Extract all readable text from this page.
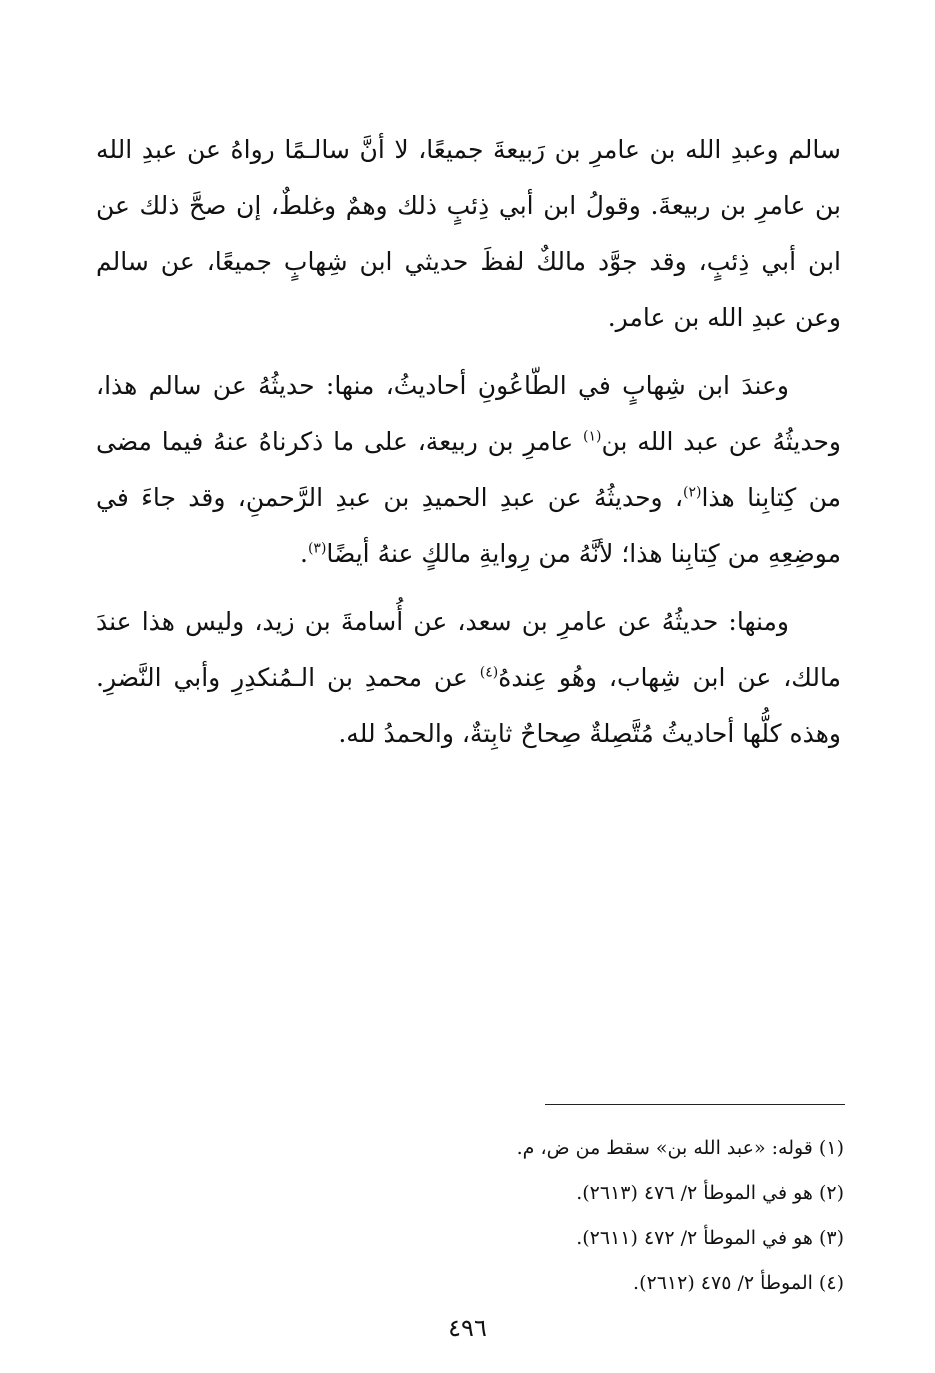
سالم وعبدِ الله بن عامرِ بن رَبيعةَ جميعًا، لا أنَّ سالـمًا رواهُ عن عبدِ الله بن عامرِ بن ربيعةَ. وقولُ ابن أبي ذِئبٍ ذلك وهمٌ وغلطٌ، إن صحَّ ذلك عن ابن أبي ذِئبٍ، وقد جوَّد مالكٌ لفظَ حديثي ابن شِهابٍ جميعًا، عن سالم وعن عبدِ الله بن عامر.

وعندَ ابن شِهابٍ في الطّاعُونِ أحاديثُ، منها: حديثُهُ عن سالم هذا، وحديثُهُ عن عبد الله بن$^{(١)}$ عامرِ بن ربيعة، على ما ذكرناهُ عنهُ فيما مضى من كِتابِنا هذا$^{(٢)}$، وحديثُهُ عن عبدِ الحميدِ بن عبدِ الرَّحمنِ، وقد جاءَ في موضِعِهِ من كِتابِنا هذا؛ لأنَّهُ من رِوايةِ مالكٍ عنهُ أيضًا$^{(٣)}$.

ومنها: حديثُهُ عن عامرِ بن سعد، عن أُسامةَ بن زيد، وليس هذا عندَ مالك، عن ابن شِهاب، وهُو عِندهُ$^{(٤)}$ عن محمدِ بن الـمُنكدِرِ وأبي النَّضرِ. وهذه كلُّها أحاديثُ مُتَّصِلةٌ صِحاحٌ ثابِتةٌ، والحمدُ لله.

(١) قوله: «عبد الله بن» سقط من ض، م.
(٢) هو في الموطأ ٢/ ٤٧٦ (٢٦١٣).
(٣) هو في الموطأ ٢/ ٤٧٢ (٢٦١١).
(٤) الموطأ ٢/ ٤٧٥ (٢٦١٢).
٤٩٦
